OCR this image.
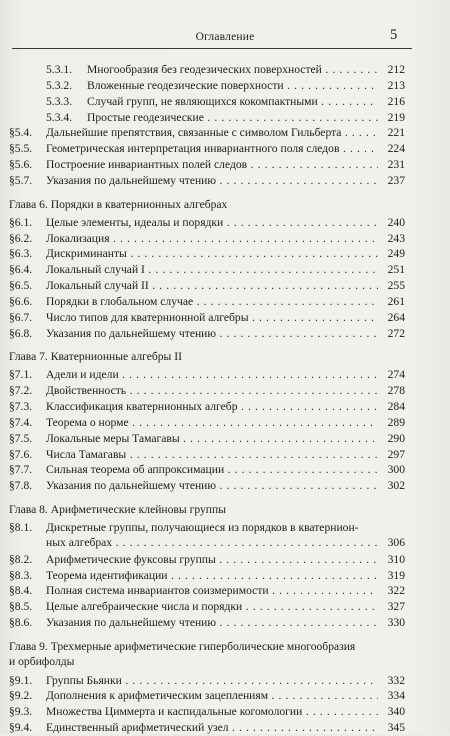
Оглавление	5
5.3.1. Многообразия без геодезических поверхностей . . .	212
5.3.2. Вложенные геодезические поверхности . . .	213
5.3.3. Случай групп, не являющихся кокомпактными . . .	216
5.3.4. Простые геодезические . . .	219
§5.4. Дальнейшие препятствия, связанные с символом Гильберта . . .	221
§5.5. Геометрическая интерпретация инвариантного поля следов . . .	224
§5.6. Построение инвариантных полей следов . . .	231
§5.7. Указания по дальнейшему чтению . . .	237
Глава 6. Порядки в кватернионных алгебрах
§6.1. Целые элементы, идеалы и порядки . . .	240
§6.2. Локализация . . .	243
§6.3. Дискриминанты . . .	249
§6.4. Локальный случай I . . .	251
§6.5. Локальный случай II . . .	255
§6.6. Порядки в глобальном случае . . .	261
§6.7. Число типов для кватернионной алгебры . . .	264
§6.8. Указания по дальнейшему чтению . . .	272
Глава 7. Кватернионные алгебры II
§7.1. Адели и идели . . .	274
§7.2. Двойственность . . .	278
§7.3. Классификация кватернионных алгебр . . .	284
§7.4. Теорема о норме . . .	289
§7.5. Локальные меры Тамагавы . . .	290
§7.6. Числа Тамагавы . . .	297
§7.7. Сильная теорема об аппроксимации . . .	300
§7.8. Указания по дальнейшему чтению . . .	302
Глава 8. Арифметические клейновы группы
§8.1. Дискретные группы, получающиеся из порядков в кватернион-
ных алгебрах . . .	306
§8.2. Арифметические фуксовы группы . . .	310
§8.3. Теорема идентификации . . .	319
§8.4. Полная система инвариантов соизмеримости . . .	322
§8.5. Целые алгебраические числа и порядки . . .	327
§8.6. Указания по дальнейшему чтению . . .	330
Глава 9. Трехмерные арифметические гиперболические многообразия
и орбифолды
§9.1. Группы Бьянки . . .	332
§9.2. Дополнения к арифметическим зацеплениям . . .	334
§9.3. Множества Циммерта и каспидальные когомологии . . .	340
§9.4. Единственный арифметический узел . . .	345
